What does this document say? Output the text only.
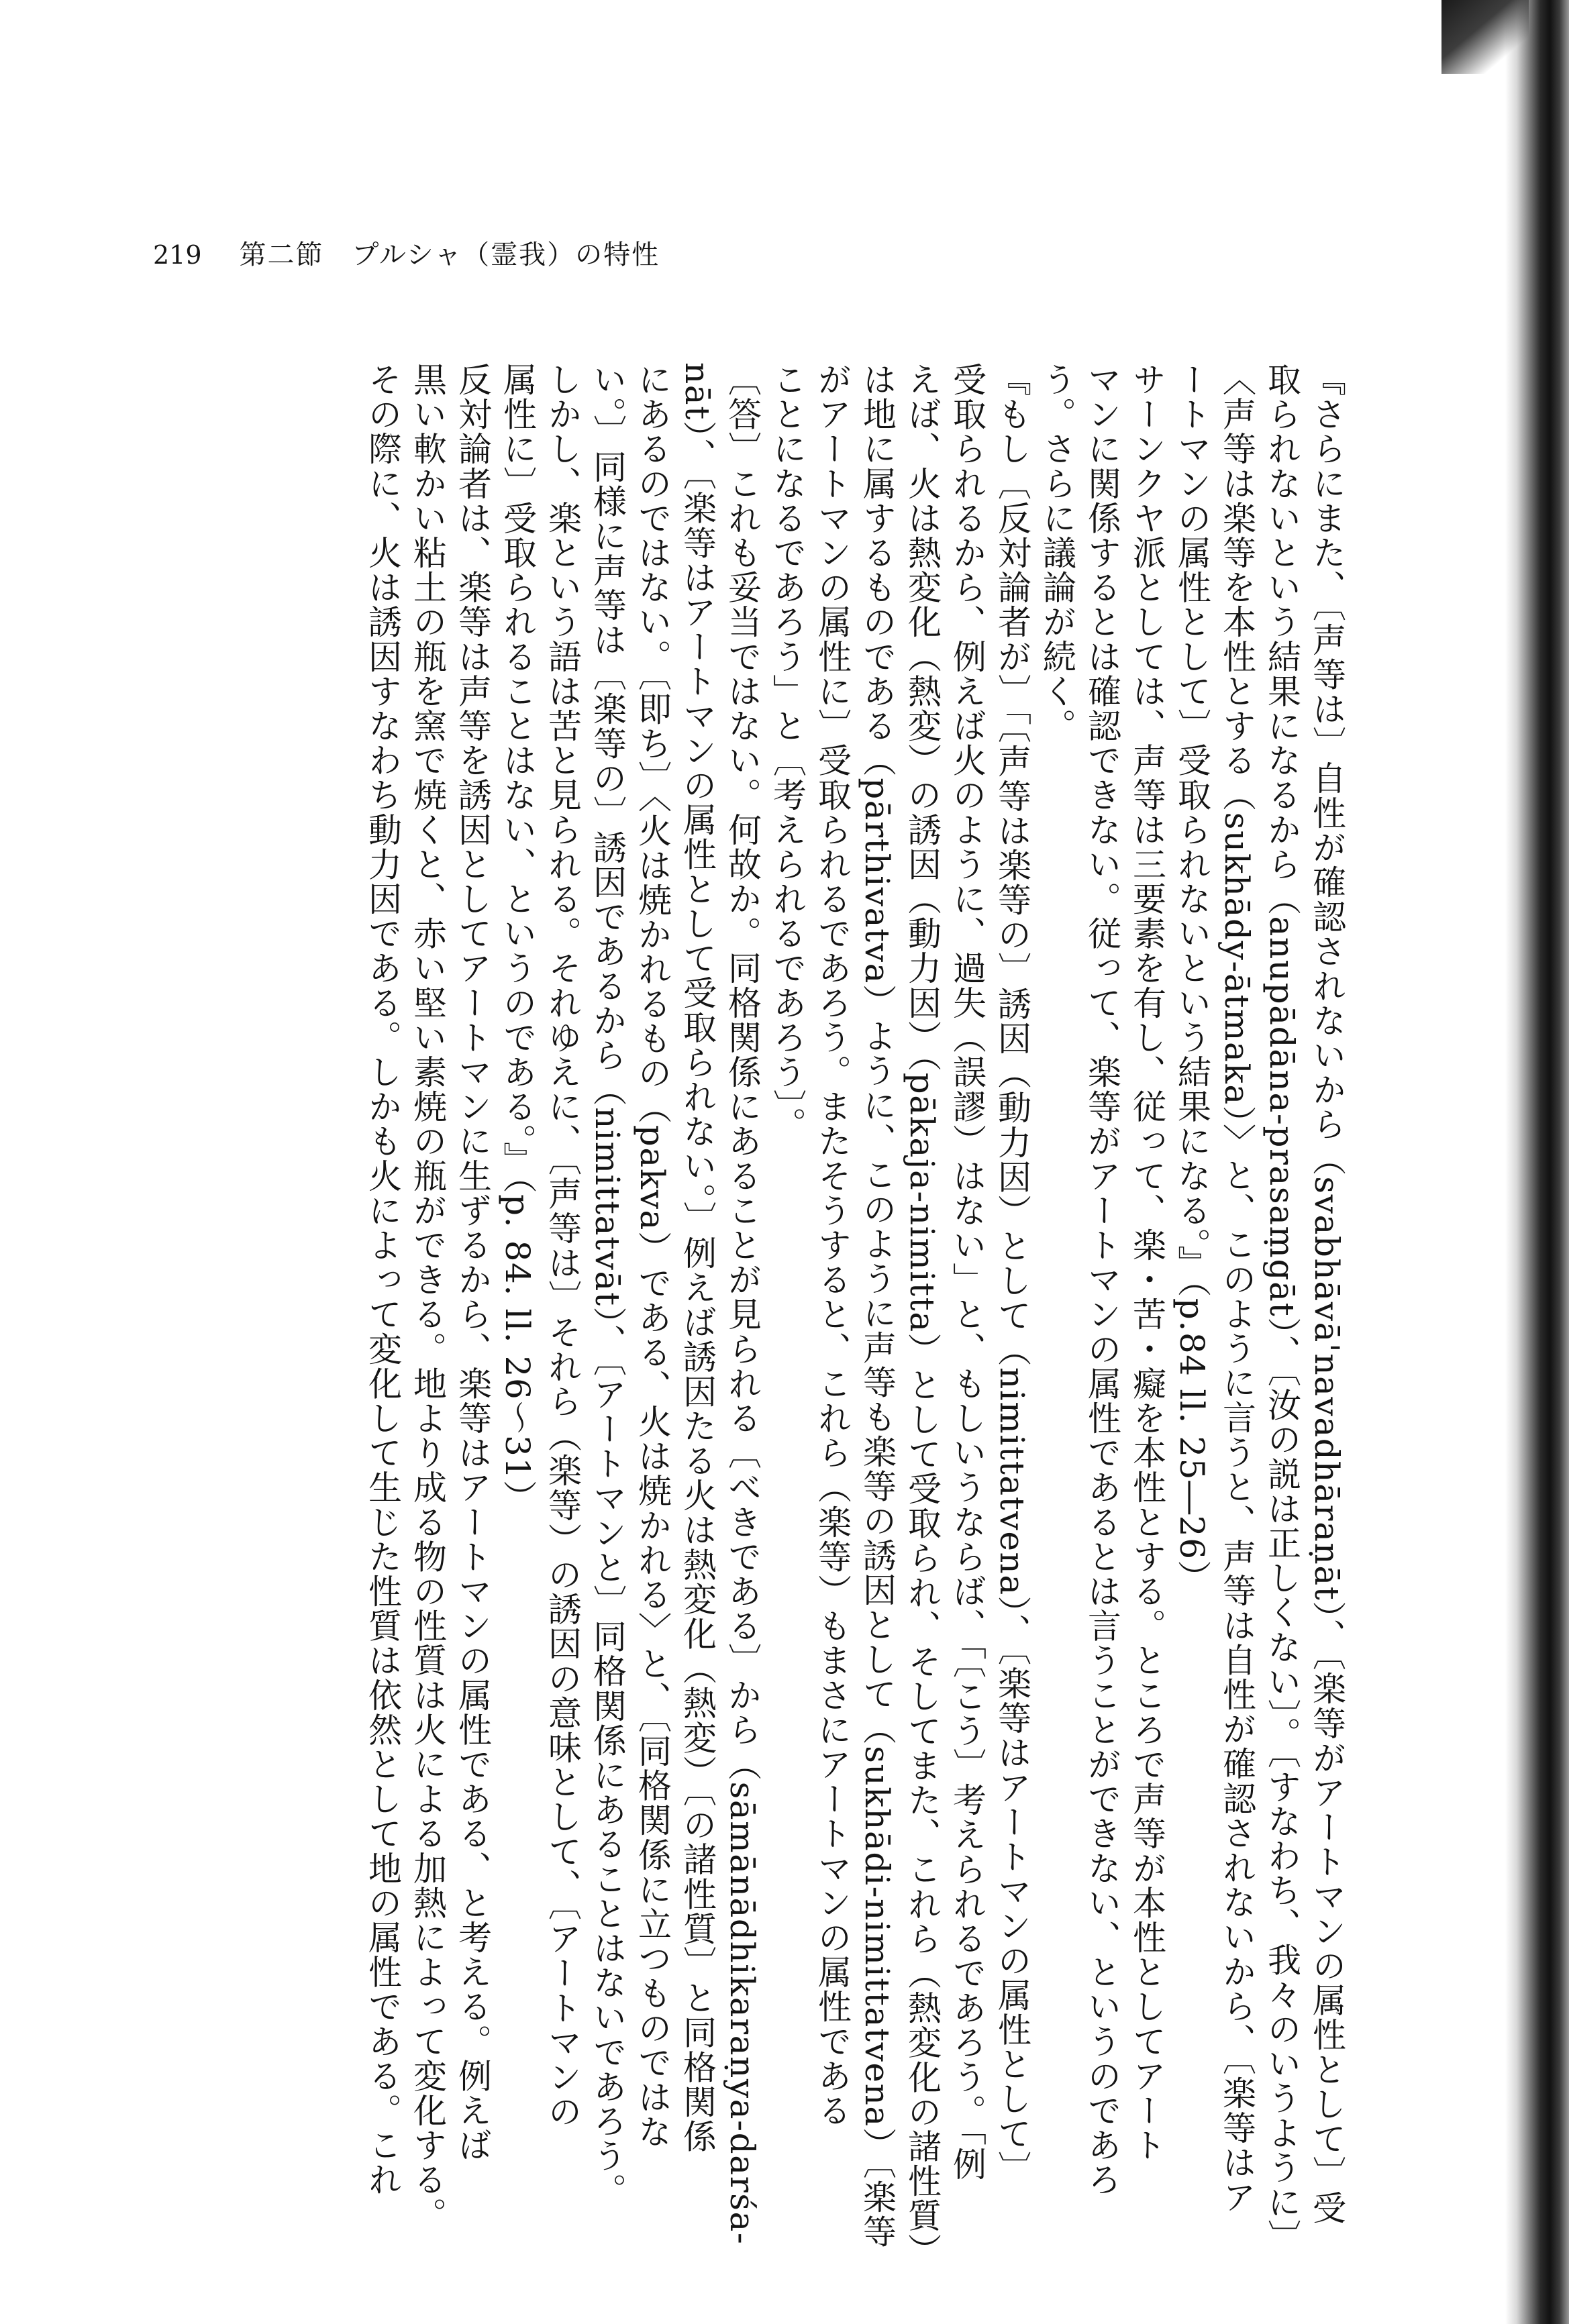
219 第二節　プルシャ（霊我）の特性

『さらにまた、〔声等は〕自性が確認されないから（svabhāvā'navadhāraṇāt）、〔楽等がアートマンの属性として〕受

取られないという結果になるから（anupādāna-prasaṃgāt）、〔汝の説は正しくない〕。〔すなわち、我々のいうように〕

〈声等は楽等を本性とする（sukhādy-ātmaka）〉と、このように言うと、声等は自性が確認されないから、〔楽等はア

ートマンの属性として〕受取られないという結果になる。』（p.84 ll. 25―26）

サーンクヤ派としては、声等は三要素を有し、従って、楽・苦・癡を本性とする。ところで声等が本性としてアート

マンに関係するとは確認できない。従って、楽等がアートマンの属性であるとは言うことができない、というのであろ

う。さらに議論が続く。

『もし〔反対論者が〕「〔声等は楽等の〕誘因（動力因）として（nimittatvena）、〔楽等はアートマンの属性として〕

受取られるから、例えば火のように、過失（誤謬）はない」と、もしいうならば、「〔こう〕考えられるであろう。「例

えば、火は熱変化（熱変）の誘因（動力因）（pākaja-nimitta）として受取られ、そしてまた、これら（熱変化の諸性質）

は地に属するものである（pārthivatva）ように、このように声等も楽等の誘因として（sukhādi-nimittatvena）〔楽等

がアートマンの属性に〕受取られるであろう。またそうすると、これら（楽等）もまさにアートマンの属性である

ことになるであろう」と〔考えられるであろう〕。

〔答〕これも妥当ではない。何故か。同格関係にあることが見られる〔べきである〕から（sāmānādhikaraṇya-darśa-

nāt）、〔楽等はアートマンの属性として受取られない。〕例えば誘因たる火は熱変化（熱変）〔の諸性質〕と同格関係

にあるのではない。〔即ち〕〈火は焼かれるもの（pakva）である、火は焼かれる〉と、〔同格関係に立つものではな

い。〕同様に声等は〔楽等の〕誘因であるから（nimittatvāt）、〔アートマンと〕同格関係にあることはないであろう。

しかし、楽という語は苦と見られる。それゆえに、〔声等は〕それら（楽等）の誘因の意味として、〔アートマンの

属性に〕受取られることはない、というのである。』（p. 84. ll. 26～31）

反対論者は、楽等は声等を誘因としてアートマンに生ずるから、楽等はアートマンの属性である、と考える。例えば

黒い軟かい粘土の瓶を窯で焼くと、赤い堅い素焼の瓶ができる。地より成る物の性質は火による加熱によって変化する。

その際に、火は誘因すなわち動力因である。しかも火によって変化して生じた性質は依然として地の属性である。これ
